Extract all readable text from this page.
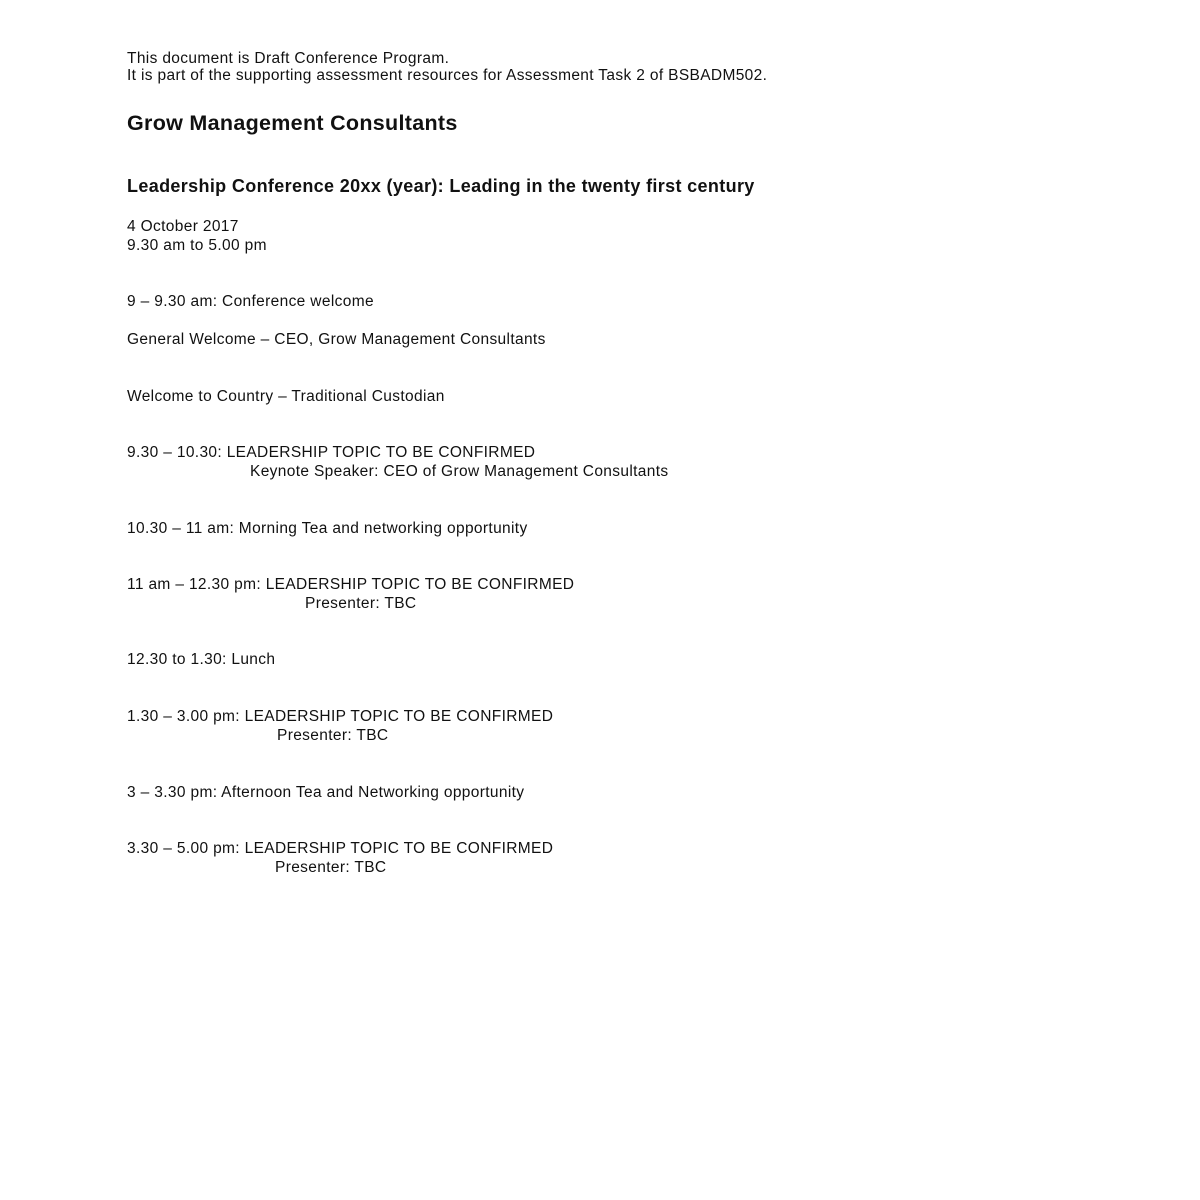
This document is Draft Conference Program.
It is part of the supporting assessment resources for Assessment Task 2 of BSBADM502.
Grow Management Consultants
Leadership Conference 20xx (year): Leading in the twenty first century
4 October 2017
9.30 am to 5.00 pm
9 – 9.30 am: Conference welcome
General Welcome – CEO, Grow Management Consultants
Welcome to Country – Traditional Custodian
9.30 – 10.30: LEADERSHIP TOPIC TO BE CONFIRMED
Keynote Speaker: CEO of Grow Management Consultants
10.30 – 11 am: Morning Tea and networking opportunity
11 am – 12.30 pm: LEADERSHIP TOPIC TO BE CONFIRMED
Presenter: TBC
12.30 to 1.30: Lunch
1.30 – 3.00 pm: LEADERSHIP TOPIC TO BE CONFIRMED
Presenter: TBC
3 – 3.30 pm: Afternoon Tea and Networking opportunity
3.30 – 5.00 pm: LEADERSHIP TOPIC TO BE CONFIRMED
Presenter: TBC
